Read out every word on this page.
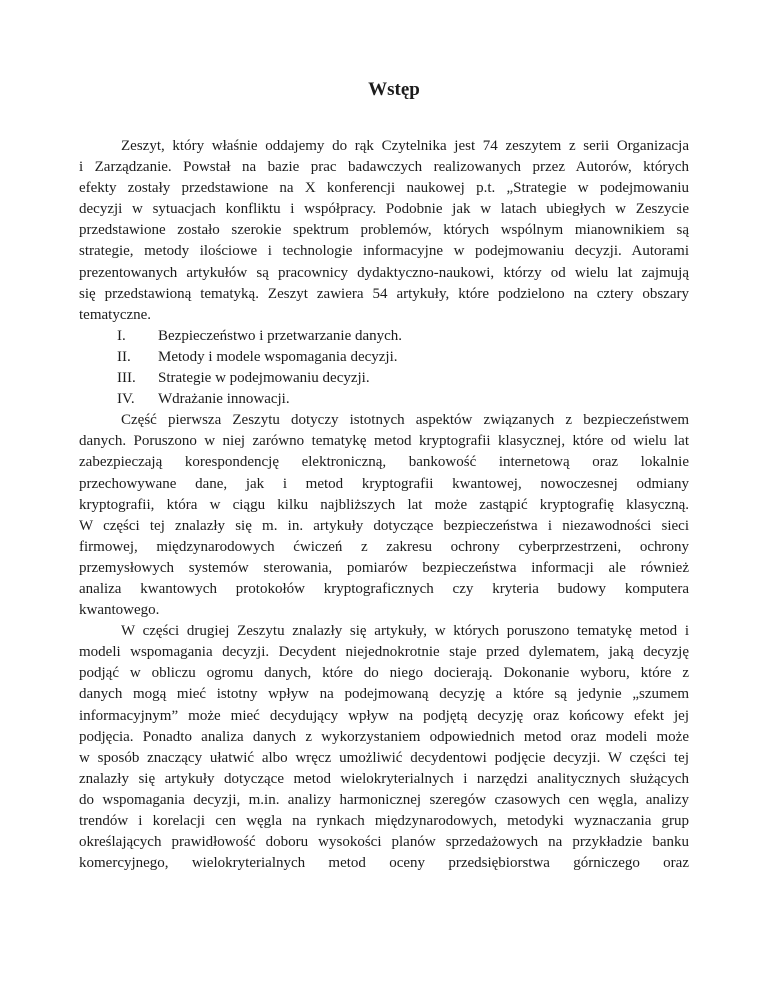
Wstęp
Zeszyt, który właśnie oddajemy do rąk Czytelnika jest 74 zeszytem z serii Organizacja
i Zarządzanie. Powstał na bazie prac badawczych realizowanych przez Autorów, których
efekty zostały przedstawione na X konferencji naukowej p.t. „Strategie w podejmowaniu
decyzji w sytuacjach konfliktu i współpracy. Podobnie jak w latach ubiegłych w Zeszycie
przedstawione zostało szerokie spektrum problemów, których wspólnym mianownikiem są
strategie, metody ilościowe i technologie informacyjne w podejmowaniu decyzji. Autorami
prezentowanych artykułów są pracownicy dydaktyczno-naukowi, którzy od wielu lat zajmują
się przedstawioną tematyką. Zeszyt zawiera 54 artykuły, które podzielono na cztery obszary
tematyczne.
I. Bezpieczeństwo i przetwarzanie danych.
II. Metody i modele wspomagania decyzji.
III. Strategie w podejmowaniu decyzji.
IV. Wdrażanie innowacji.
Część pierwsza Zeszytu dotyczy istotnych aspektów związanych z bezpieczeństwem
danych. Poruszono w niej zarówno tematykę metod kryptografii klasycznej, które od wielu lat
zabezpieczają korespondencję elektroniczną, bankowość internetową oraz lokalnie
przechowywane dane, jak i metod kryptografii kwantowej, nowoczesnej odmiany
kryptografii, która w ciągu kilku najbliższych lat może zastąpić kryptografię klasyczną.
W części tej znalazły się m. in. artykuły dotyczące bezpieczeństwa i niezawodności sieci
firmowej, międzynarodowych ćwiczeń z zakresu ochrony cyberprzestrzeni, ochrony
przemysłowych systemów sterowania, pomiarów bezpieczeństwa informacji ale również
analiza kwantowych protokołów kryptograficznych czy kryteria budowy komputera
kwantowego.
W części drugiej Zeszytu znalazły się artykuły, w których poruszono tematykę metod i
modeli wspomagania decyzji. Decydent niejednokrotnie staje przed dylematem, jaką decyzję
podjąć w obliczu ogromu danych, które do niego docierają. Dokonanie wyboru, które z
danych mogą mieć istotny wpływ na podejmowaną decyzję a które są jedynie „szumem
informacyjnym” może mieć decydujący wpływ na podjętą decyzję oraz końcowy efekt jej
podjęcia. Ponadto analiza danych z wykorzystaniem odpowiednich metod oraz modeli może
w sposób znaczący ułatwić albo wręcz umożliwić decydentowi podjęcie decyzji. W części tej
znalazły się artykuły dotyczące metod wielokryterialnych i narzędzi analitycznych służących
do wspomagania decyzji, m.in. analizy harmonicznej szeregów czasowych cen węgla, analizy
trendów i korelacji cen węgla na rynkach międzynarodowych, metodyki wyznaczania grup
określających prawidłowość doboru wysokości planów sprzedażowych na przykładzie banku
komercyjnego, wielokryterialnych metod oceny przedsiębiorstwa górniczego oraz
